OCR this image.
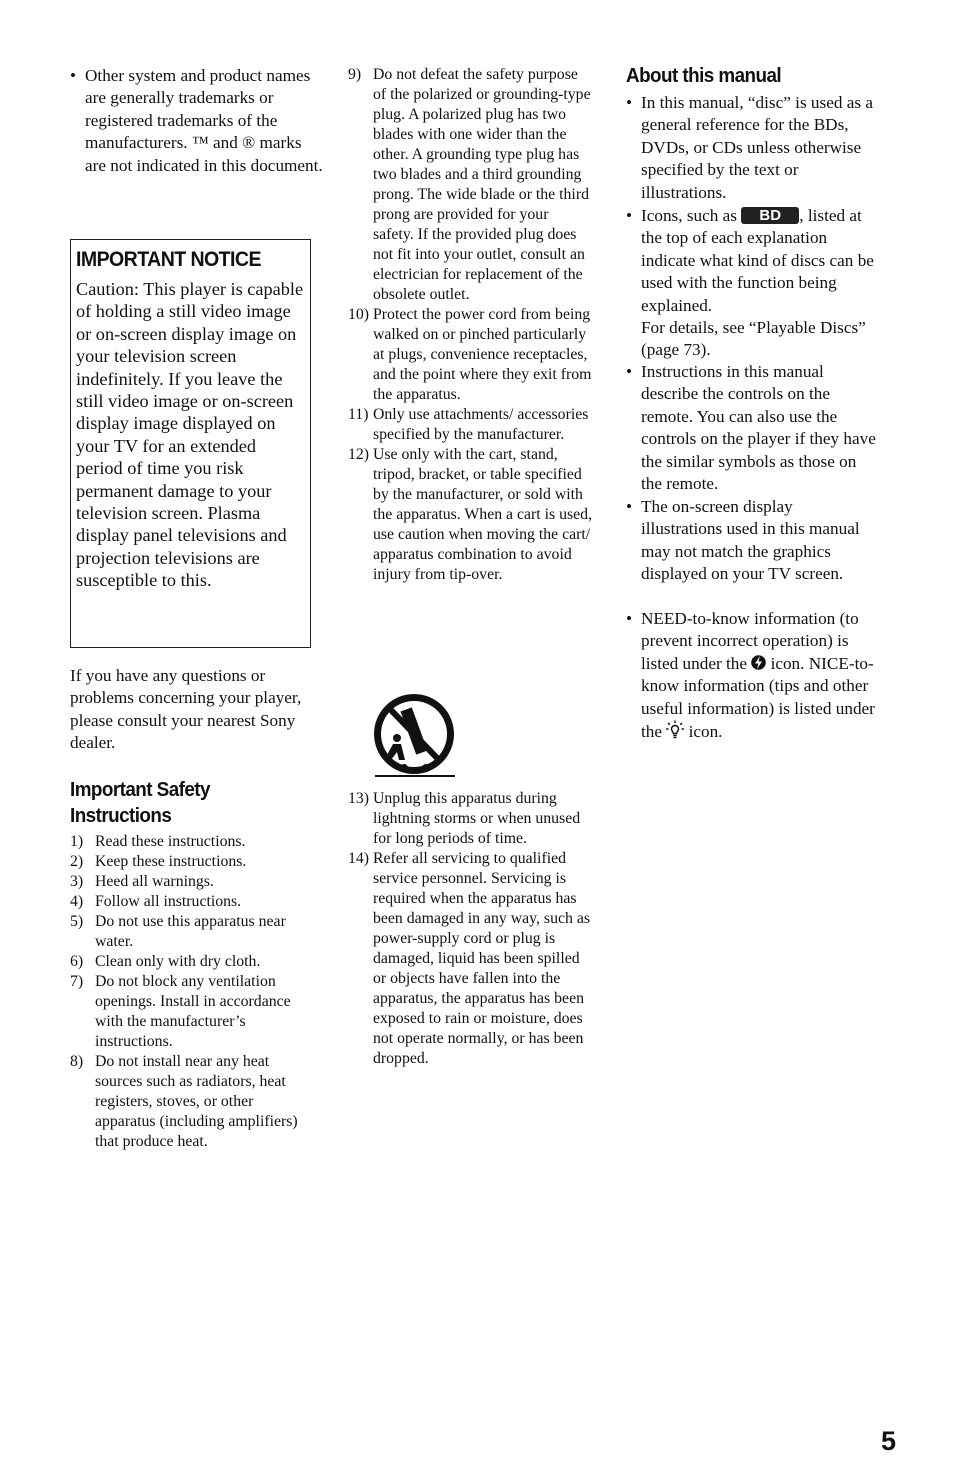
• Other system and product names are generally trademarks or registered trademarks of the manufacturers. ™ and ® marks are not indicated in this document.
IMPORTANT NOTICE

Caution: This player is capable of holding a still video image or on-screen display image on your television screen indefinitely. If you leave the still video image or on-screen display image displayed on your TV for an extended period of time you risk permanent damage to your television screen. Plasma display panel televisions and projection televisions are susceptible to this.

If you have any questions or problems concerning your player, please consult your nearest Sony dealer.
Important Safety
Instructions
1) Read these instructions.
2) Keep these instructions.
3) Heed all warnings.
4) Follow all instructions.
5) Do not use this apparatus near water.
6) Clean only with dry cloth.
7) Do not block any ventilation openings. Install in accordance with the manufacturer’s instructions.
8) Do not install near any heat sources such as radiators, heat registers, stoves, or other apparatus (including amplifiers) that produce heat.
9) Do not defeat the safety purpose of the polarized or grounding-type plug. A polarized plug has two blades with one wider than the other. A grounding type plug has two blades and a third grounding prong. The wide blade or the third prong are provided for your safety. If the provided plug does not fit into your outlet, consult an electrician for replacement of the obsolete outlet.
10) Protect the power cord from being walked on or pinched particularly at plugs, convenience receptacles, and the point where they exit from the apparatus.
11) Only use attachments/ accessories specified by the manufacturer.
12) Use only with the cart, stand, tripod, bracket, or table specified by the manufacturer, or sold with the apparatus. When a cart is used, use caution when moving the cart/ apparatus combination to avoid injury from tip-over.
13) Unplug this apparatus during lightning storms or when unused for long periods of time.
14) Refer all servicing to qualified service personnel. Servicing is required when the apparatus has been damaged in any way, such as power-supply cord or plug is damaged, liquid has been spilled or objects have fallen into the apparatus, the apparatus has been exposed to rain or moisture, does not operate normally, or has been dropped.
About this manual
• In this manual, “disc” is used as a general reference for the BDs, DVDs, or CDs unless otherwise specified by the text or illustrations.
• Icons, such as BD , listed at the top of each explanation indicate what kind of discs can be used with the function being explained.
For details, see “Playable Discs” (page 73).
• Instructions in this manual describe the controls on the remote. You can also use the controls on the player if they have the similar symbols as those on the remote.
• The on-screen display illustrations used in this manual may not match the graphics displayed on your TV screen.
• NEED-to-know information (to prevent incorrect operation) is listed under the  icon. NICE-to-know information (tips and other useful information) is listed under the  icon.
5
